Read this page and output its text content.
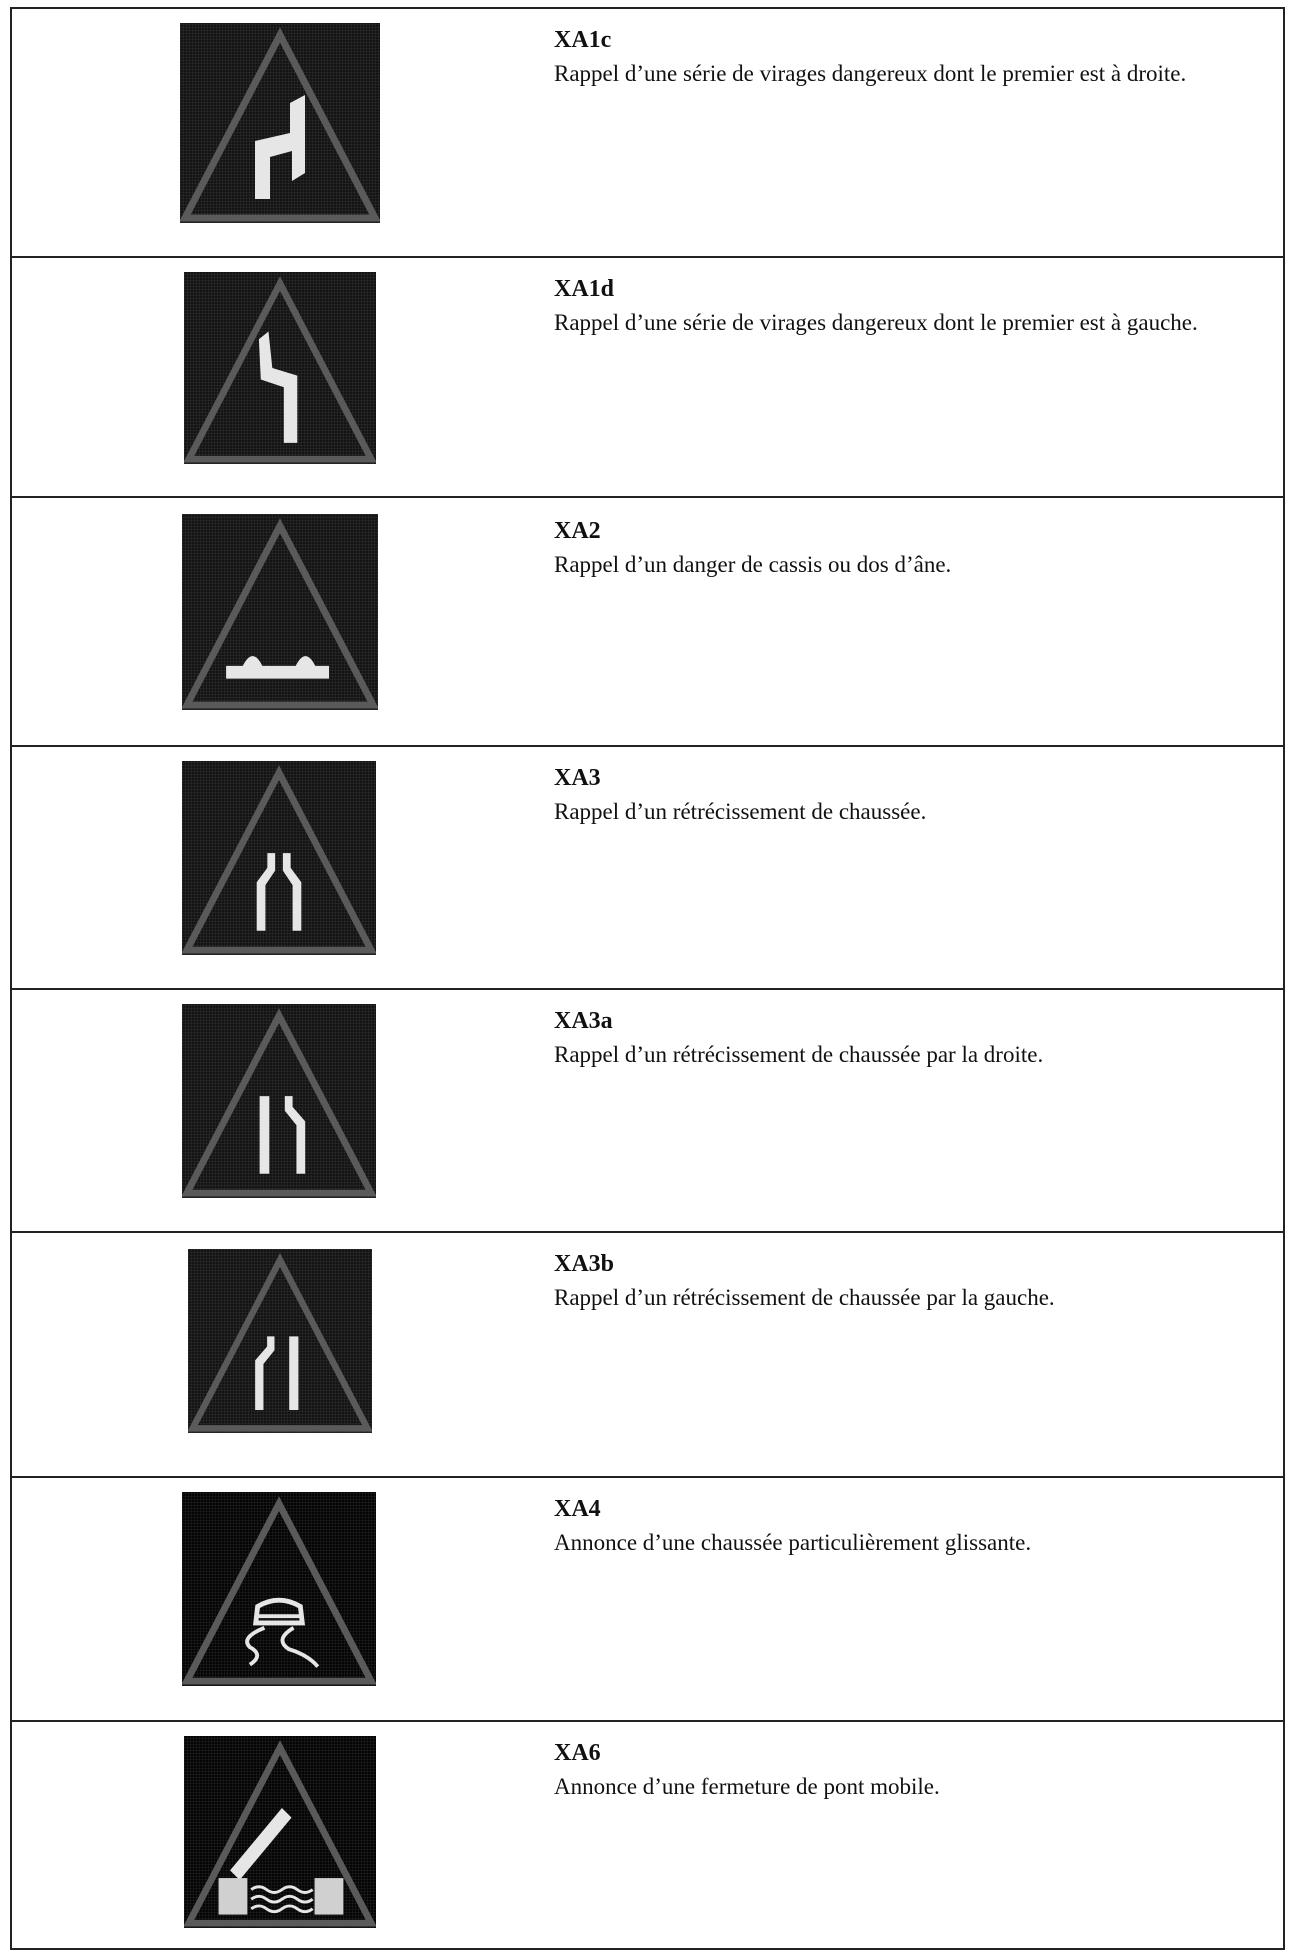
XA1c
Rappel d’une série de virages dangereux dont le premier est à droite.
XA1d
Rappel d’une série de virages dangereux dont le premier est à gauche.
XA2
Rappel d’un danger de cassis ou dos d’âne.
XA3
Rappel d’un rétrécissement de chaussée.
XA3a
Rappel d’un rétrécissement de chaussée par la droite.
XA3b
Rappel d’un rétrécissement de chaussée par la gauche.
XA4
Annonce d’une chaussée particulièrement glissante.
XA6
Annonce d’une fermeture de pont mobile.
